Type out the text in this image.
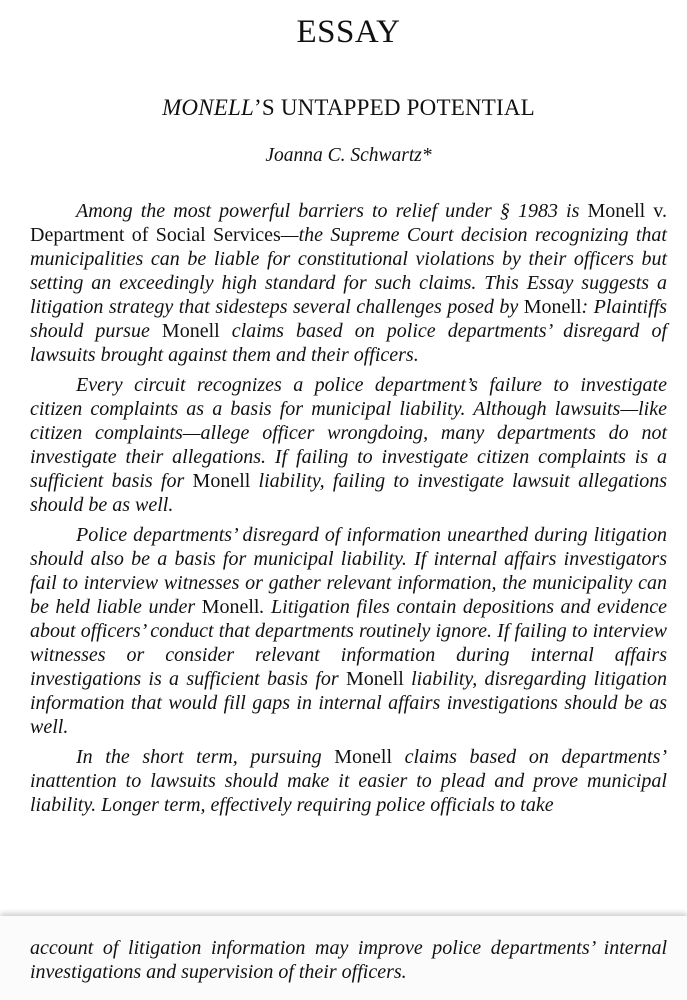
ESSAY
MONELL’S UNTAPPED POTENTIAL
Joanna C. Schwartz*

Among the most powerful barriers to relief under § 1983 is Monell v. Department of Social Services—the Supreme Court decision recognizing that municipalities can be liable for constitutional violations by their officers but setting an exceedingly high standard for such claims. This Essay suggests a litigation strategy that sidesteps several challenges posed by Monell: Plaintiffs should pursue Monell claims based on police departments’ disregard of lawsuits brought against them and their officers.

Every circuit recognizes a police department’s failure to investigate citizen complaints as a basis for municipal liability. Although lawsuits—like citizen complaints—allege officer wrongdoing, many departments do not investigate their allegations. If failing to investigate citizen complaints is a sufficient basis for Monell liability, failing to investigate lawsuit allegations should be as well.

Police departments’ disregard of information unearthed during litigation should also be a basis for municipal liability. If internal affairs investigators fail to interview witnesses or gather relevant information, the municipality can be held liable under Monell. Litigation files contain depositions and evidence about officers’ conduct that departments routinely ignore. If failing to interview witnesses or consider relevant information during internal affairs investigations is a sufficient basis for Monell liability, disregarding litigation information that would fill gaps in internal affairs investigations should be as well.

In the short term, pursuing Monell claims based on departments’ inattention to lawsuits should make it easier to plead and prove municipal liability. Longer term, effectively requiring police officials to take

account of litigation information may improve police departments’ internal investigations and supervision of their officers.
